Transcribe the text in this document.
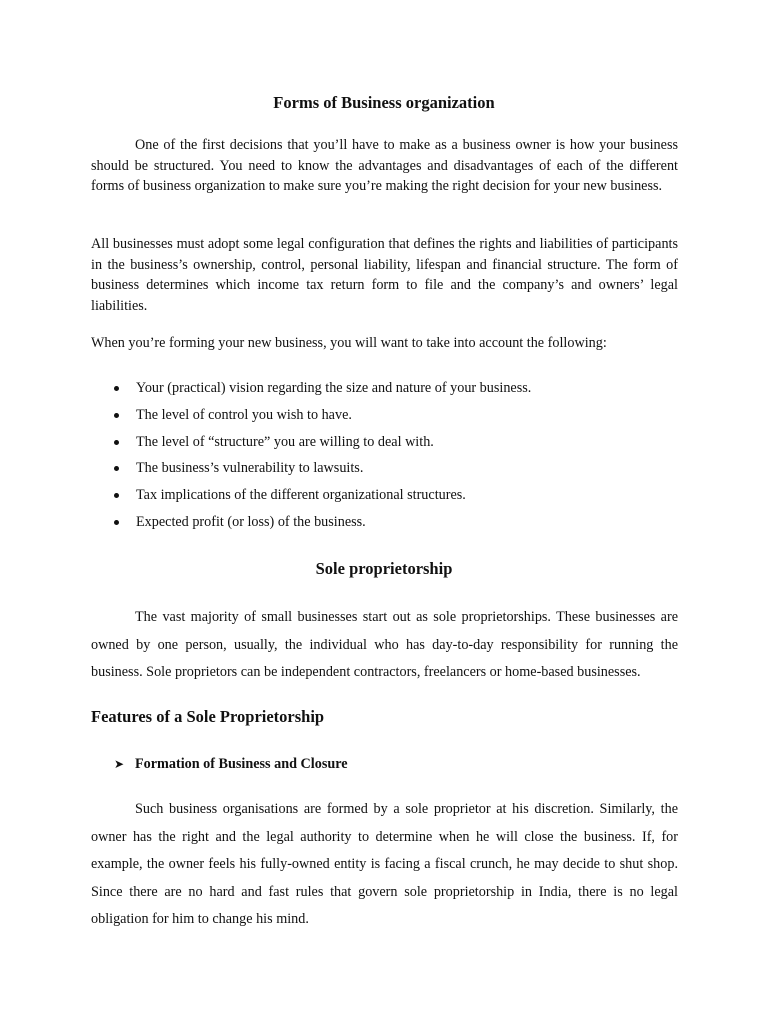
Forms of Business organization

One of the first decisions that you’ll have to make as a business owner is how your business should be structured. You need to know the advantages and disadvantages of each of the different forms of business organization to make sure you’re making the right decision for your new business.

All businesses must adopt some legal configuration that defines the rights and liabilities of participants in the business’s ownership, control, personal liability, lifespan and financial structure. The form of business determines which income tax return form to file and the company’s and owners’ legal liabilities.

When you’re forming your new business, you will want to take into account the following:

Your (practical) vision regarding the size and nature of your business.
The level of control you wish to have.
The level of “structure” you are willing to deal with.
The business’s vulnerability to lawsuits.
Tax implications of the different organizational structures.
Expected profit (or loss) of the business.
Sole proprietorship

The vast majority of small businesses start out as sole proprietorships. These businesses are owned by one person, usually, the individual who has day-to-day responsibility for running the business. Sole proprietors can be independent contractors, freelancers or home-based businesses.

Features of a Sole Proprietorship
➤ Formation of Business and Closure

Such business organisations are formed by a sole proprietor at his discretion. Similarly, the owner has the right and the legal authority to determine when he will close the business. If, for example, the owner feels his fully-owned entity is facing a fiscal crunch, he may decide to shut shop. Since there are no hard and fast rules that govern sole proprietorship in India, there is no legal obligation for him to change his mind.
